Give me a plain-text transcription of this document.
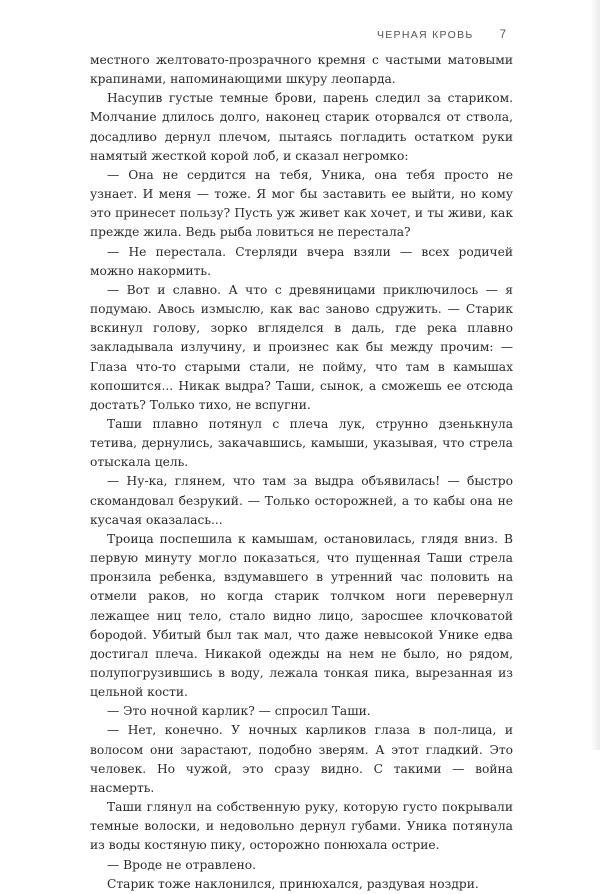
ЧЕРНАЯ КРОВЬ 7

местного желтовато-прозрачного кремня с частыми матовыми крапинами, напоминающими шкуру леопарда.

Насупив густые темные брови, парень следил за стариком. Молчание длилось долго, наконец старик оторвался от ствола, досадливо дернул плечом, пытаясь погладить остатком руки намятый жесткой корой лоб, и сказал негромко:

— Она не сердится на тебя, Уника, она тебя просто не узнает. И меня — тоже. Я мог бы заставить ее выйти, но кому это принесет пользу? Пусть уж живет как хочет, и ты живи, как прежде жила. Ведь рыба ловиться не перестала?

— Не перестала. Стерляди вчера взяли — всех родичей можно накормить.

— Вот и славно. А что с древяницами приключилось — я подумаю. Авось измыслю, как вас заново сдружить. — Старик вскинул голову, зорко вгляделся в даль, где река плавно закладывала излучину, и произнес как бы между прочим: — Глаза что-то старыми стали, не пойму, что там в камышах копошится... Никак выдра? Таши, сынок, а сможешь ее отсюда достать? Только тихо, не вспугни.

Таши плавно потянул с плеча лук, струнно дзенькнула тетива, дернулись, закачавшись, камыши, указывая, что стрела отыскала цель.

— Ну-ка, глянем, что там за выдра объявилась! — быстро скомандовал безрукий. — Только осторожней, а то кабы она не кусачая оказалась...

Троица поспешила к камышам, остановилась, глядя вниз. В первую минуту могло показаться, что пущенная Таши стрела пронзила ребенка, вздумавшего в утренний час половить на отмели раков, но когда старик толчком ноги перевернул лежащее ниц тело, стало видно лицо, заросшее клочковатой бородой. Убитый был так мал, что даже невысокой Унике едва достигал плеча. Никакой одежды на нем не было, но рядом, полупогрузившись в воду, лежала тонкая пика, вырезанная из цельной кости.

— Это ночной карлик? — спросил Таши.

— Нет, конечно. У ночных карликов глаза в пол-лица, и волосом они зарастают, подобно зверям. А этот гладкий. Это человек. Но чужой, это сразу видно. С такими — война насмерть.

Таши глянул на собственную руку, которую густо покрывали темные волоски, и недовольно дернул губами. Уника потянула из воды костяную пику, осторожно понюхала острие.

— Вроде не отравлено.

Старик тоже наклонился, принюхался, раздувая ноздри.
